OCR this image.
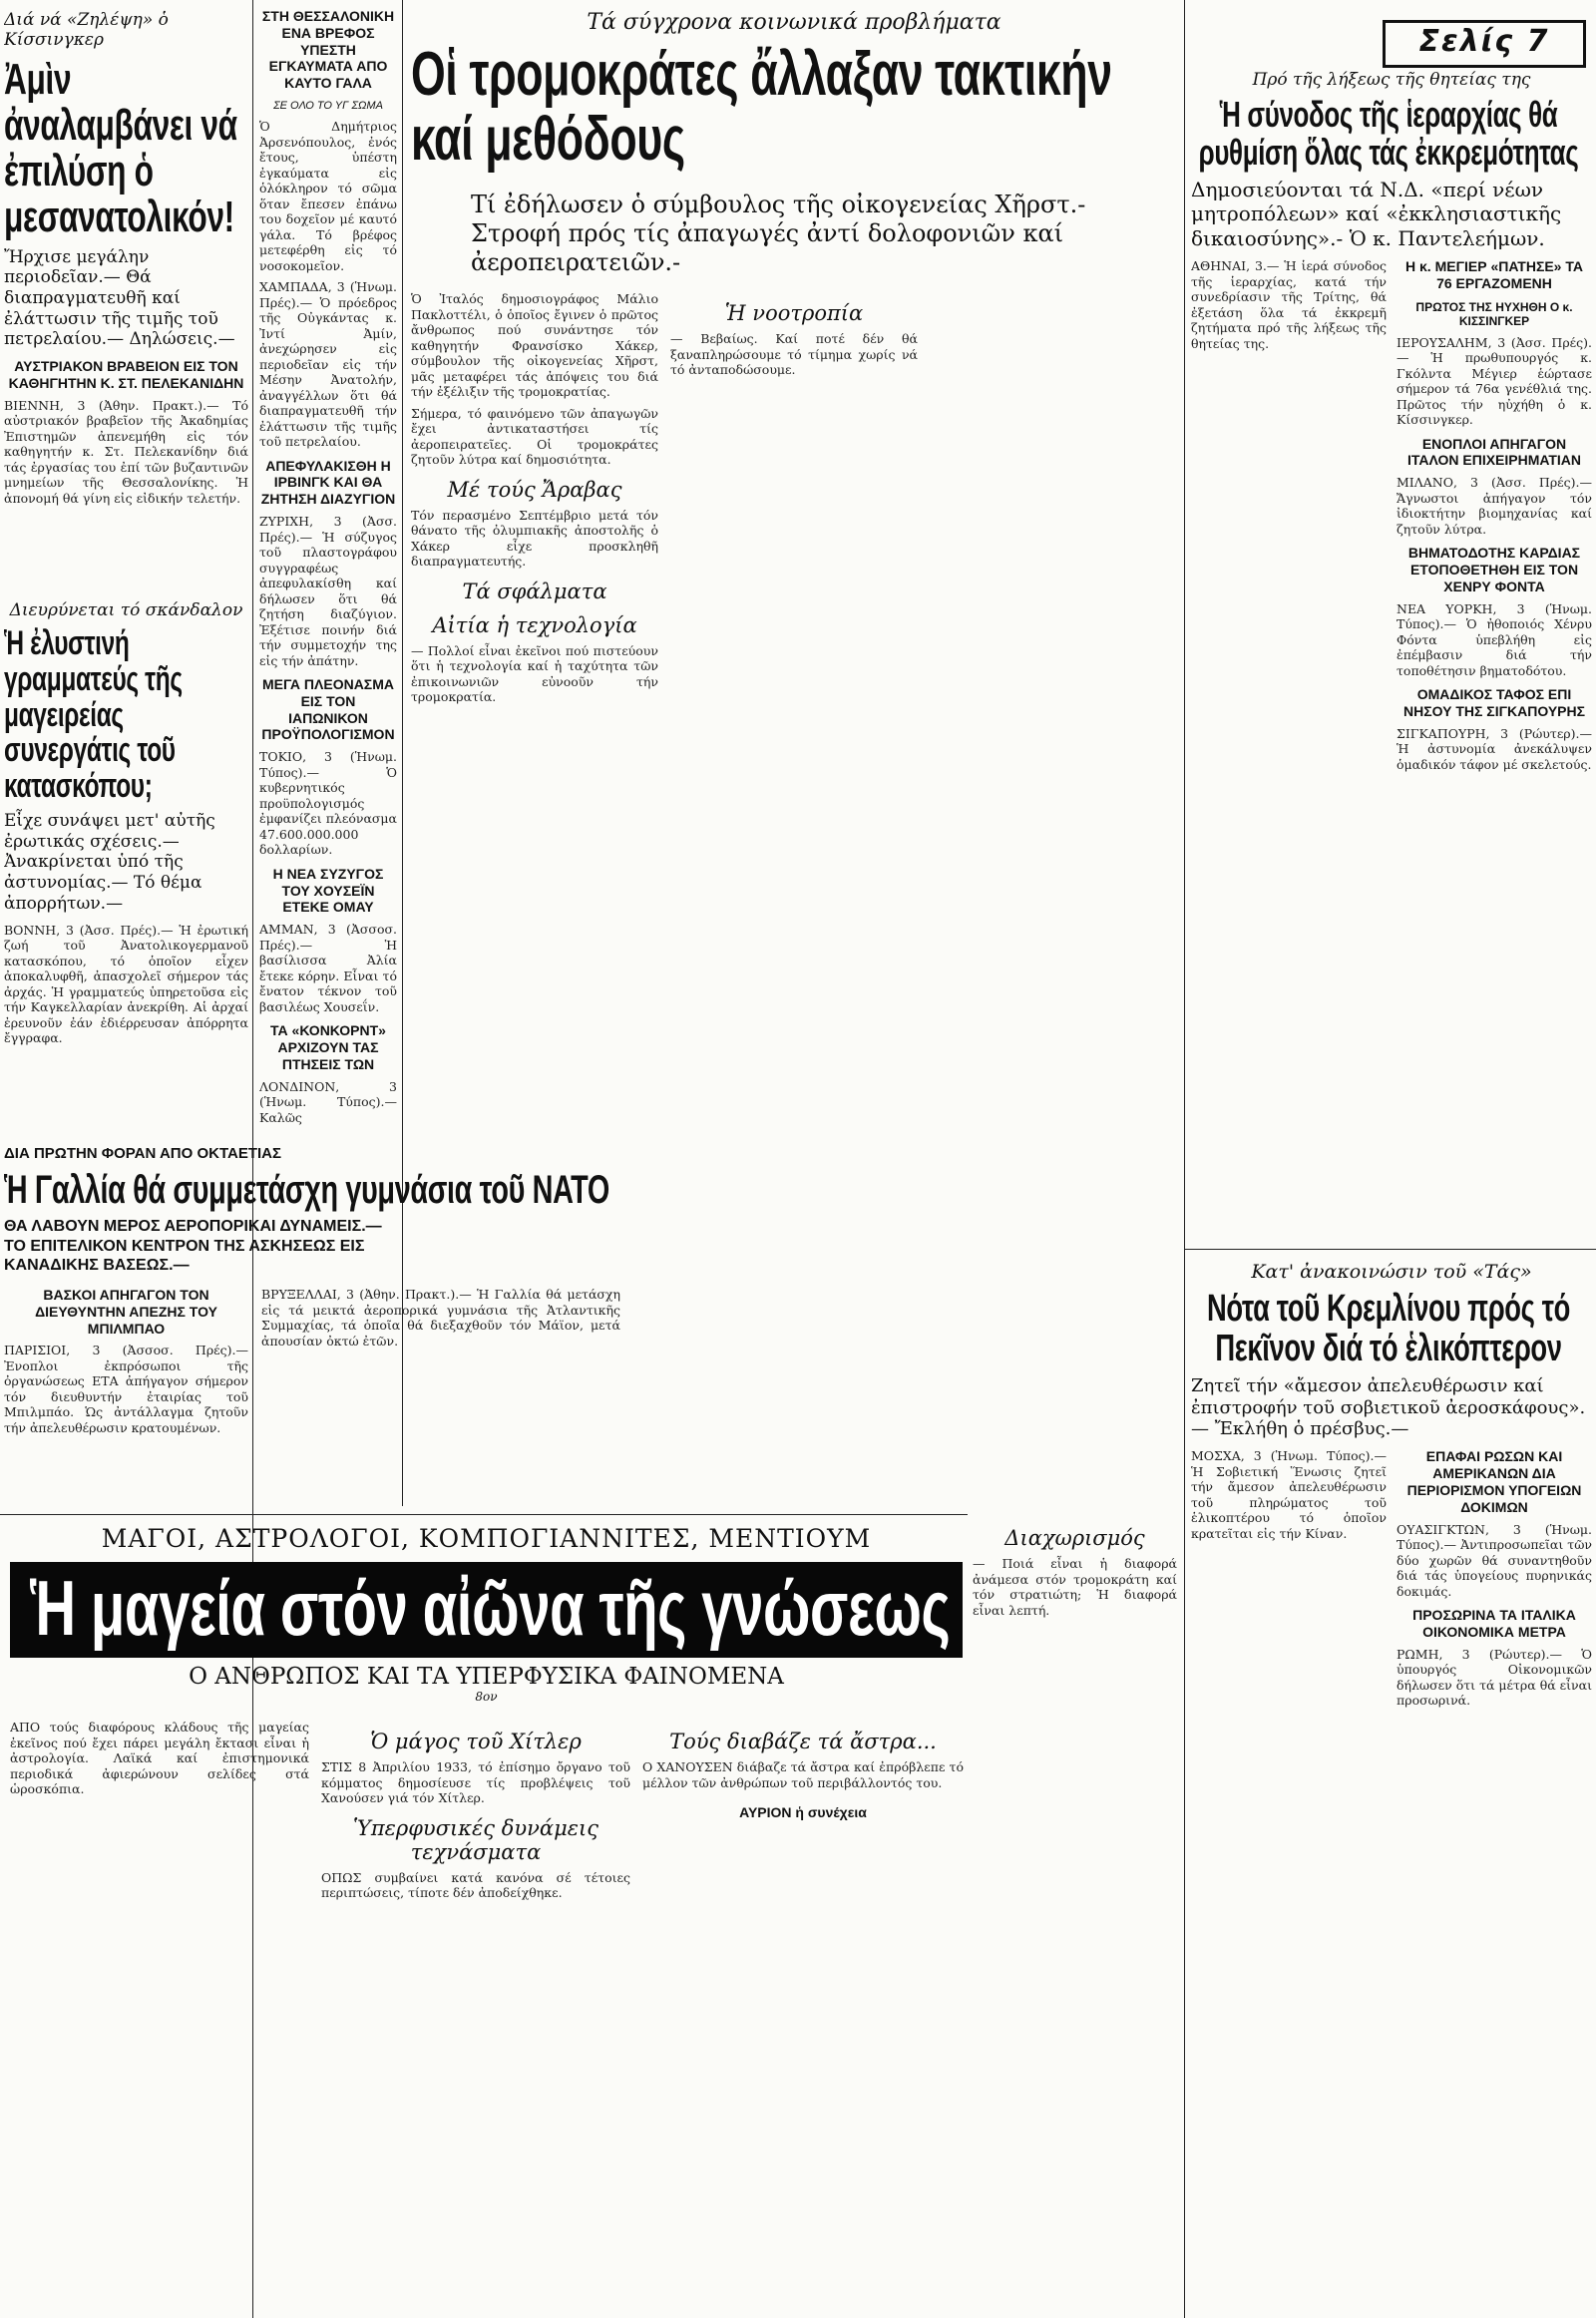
Διά νά «Ζηλέψη» ὁ Κίσσινγκερ
Ἀμὶν ἀναλαμβάνει νά ἐπιλύση ὁ μεσανατολικόν!
Ἤρχισε μεγάλην περιοδεῖαν.— Θά διαπραγματευθῆ καί ἐλάττωσιν τῆς τιμῆς τοῦ πετρελαίου.— Δηλώσεις.—
ΑΥΣΤΡΙΑΚΟΝ ΒΡΑΒΕΙΟΝ ΕΙΣ ΤΟΝ ΚΑΘΗΓΗΤΗΝ Κ. ΣΤ. ΠΕΛΕΚΑΝΙΔΗΝ
ΒΙΕΝΝΗ, 3 (Ἀθην. Πρακτ.).— Τό αὐστριακόν βραβεῖον τῆς Ἀκαδημίας Ἐπιστημῶν ἀπενεμήθη εἰς τόν καθηγητήν κ. Στ. Πελεκανίδην διά τάς ἐργασίας του ἐπί τῶν βυζαντινῶν μνημείων τῆς Θεσσαλονίκης. Ἡ ἀπονομή θά γίνη εἰς εἰδικήν τελετήν.
Διευρύνεται τό σκάνδαλον
Ἡ ἐλυστινή γραμματεύς τῆς μαγειρείας συνεργάτις τοῦ κατασκόπου;
Εἶχε συνάψει μετ' αὐτῆς ἐρωτικάς σχέσεις.— Ἀνακρίνεται ὑπό τῆς ἀστυνομίας.— Τό θέμα ἀπορρήτων.—
ΒΟΝΝΗ, 3 (Ἀσσ. Πρές).— Ἡ ἐρωτική ζωή τοῦ Ἀνατολικογερμανοῦ κατασκόπου, τό ὁποῖον εἶχεν ἀποκαλυφθῆ, ἀπασχολεῖ σήμερον τάς ἀρχάς. Ἡ γραμματεύς ὑπηρετοῦσα εἰς τήν Καγκελλαρίαν ἀνεκρίθη. Αἱ ἀρχαί ἐρευνοῦν ἐάν ἐδιέρρευσαν ἀπόρρητα ἔγγραφα.
ΔΙΑ ΠΡΩΤΗΝ ΦΟΡΑΝ ΑΠΟ ΟΚΤΑΕΤΙΑΣ
Ἡ Γαλλία θά συμμετάσχη γυμνάσια τοῦ ΝΑΤΟ
ΘΑ ΛΑΒΟΥΝ ΜΕΡΟΣ ΑΕΡΟΠΟΡΙΚΑΙ ΔΥΝΑΜΕΙΣ.— ΤΟ ΕΠΙΤΕΛΙΚΟΝ ΚΕΝΤΡΟΝ ΤΗΣ ΑΣΚΗΣΕΩΣ ΕΙΣ ΚΑΝΑΔΙΚΗΣ ΒΑΣΕΩΣ.—
ΒΑΣΚΟΙ ΑΠΗΓΑΓΟΝ ΤΟΝ ΔΙΕΥΘΥΝΤΗΝ ΑΠΕΖΗΣ ΤΟΥ ΜΠΙΛΜΠΑΟ
ΠΑΡΙΣΙΟΙ, 3 (Ἀσσοσ. Πρές).— Ἐνοπλοι ἐκπρόσωποι τῆς ὀργανώσεως ΕΤΑ ἀπήγαγον σήμερον τόν διευθυντήν ἐταιρίας τοῦ Μπιλμπάο. Ὡς ἀντάλλαγμα ζητοῦν τήν ἀπελευθέρωσιν κρατουμένων.
ΒΡΥΞΕΛΛΑΙ, 3 (Ἀθην. Πρακτ.).— Ἡ Γαλλία θά μετάσχη εἰς τά μεικτά ἀεροπορικά γυμνάσια τῆς Ἀτλαντικῆς Συμμαχίας, τά ὁποῖα θά διεξαχθοῦν τόν Μάϊον, μετά ἀπουσίαν ὀκτώ ἐτῶν.
ΣΤΗ ΘΕΣΣΑΛΟΝΙΚΗ ΕΝΑ ΒΡΕΦΟΣ ΥΠΕΣΤΗ ΕΓΚΑΥΜΑΤΑ ΑΠΟ ΚΑΥΤΟ ΓΑΛΑ
ΣΕ ΟΛΟ ΤΟ ΥΓ ΣΩΜΑ
Ὁ Δημήτριος Ἀρσενόπουλος, ἐνός ἔτους, ὑπέστη ἐγκαύματα εἰς ὁλόκληρον τό σῶμα ὅταν ἔπεσεν ἐπάνω του δοχεῖον μέ καυτό γάλα. Τό βρέφος μετεφέρθη εἰς τό νοσοκομεῖον.
ΧΑΜΠΑΔΑ, 3 (Ἡνωμ. Πρές).— Ὁ πρόεδρος τῆς Οὐγκάντας κ. Ἰντί Ἀμίν, ἀνεχώρησεν εἰς περιοδεῖαν εἰς τήν Μέσην Ἀνατολήν, ἀναγγέλλων ὅτι θά διαπραγματευθῆ τήν ἐλάττωσιν τῆς τιμῆς τοῦ πετρελαίου.
ΑΠΕΦΥΛΑΚΙΣΘΗ Η ΙΡΒΙΝΓΚ ΚΑΙ ΘΑ ΖΗΤΗΣΗ ΔΙΑΖΥΓΙΟΝ
ΖΥΡΙΧΗ, 3 (Ἀσσ. Πρές).— Ἡ σύζυγος τοῦ πλαστογράφου συγγραφέως ἀπεφυλακίσθη καί δήλωσεν ὅτι θά ζητήση διαζύγιον. Ἐξέτισε ποινήν διά τήν συμμετοχήν της εἰς τήν ἀπάτην.
ΜΕΓΑ ΠΛΕΟΝΑΣΜΑ ΕΙΣ ΤΟΝ ΙΑΠΩΝΙΚΟΝ ΠΡΟΫΠΟΛΟΓΙΣΜΟΝ
ΤΟΚΙΟ, 3 (Ἡνωμ. Τύπος).— Ὁ κυβερνητικός προϋπολογισμός ἐμφανίζει πλεόνασμα 47.600.000.000 δολλαρίων.
Η ΝΕΑ ΣΥΖΥΓΟΣ ΤΟΥ ΧΟΥΣΕΪΝ ΕΤΕΚΕ ΟΜΑΥ
ΑΜΜΑΝ, 3 (Ἀσσοσ. Πρές).— Ἡ βασίλισσα Ἀλία ἔτεκε κόρην. Εἶναι τό ἔνατον τέκνον τοῦ βασιλέως Χουσεΐν.
ΤΑ «ΚΟΝΚΟΡΝΤ» ΑΡΧΙΖΟΥΝ ΤΑΣ ΠΤΗΣΕΙΣ ΤΩΝ
ΛΟΝΔΙΝΟΝ, 3 (Ἡνωμ. Τύπος).— Καλῶς
Τά σύγχρονα κοινωνικά προβλήματα
Οἱ τρομοκράτες ἄλλαξαν τακτικήν καί μεθόδους
Τί ἐδήλωσεν ὁ σύμβουλος τῆς οἰκογενείας Χῆρστ.- Στροφή πρός τίς ἀπαγωγές ἀντί δολοφονιῶν καί ἀεροπειρατειῶν.-
Ὁ Ἰταλός δημοσιογράφος Μάλιο Πακλοττέλι, ὁ ὁποῖος ἔγινεν ὁ πρῶτος ἄνθρωπος πού συνάντησε τόν καθηγητήν Φρανσίσκο Χάκερ, σύμβουλον τῆς οἰκογενείας Χῆρστ, μᾶς μεταφέρει τάς ἀπόψεις του διά τήν ἐξέλιξιν τῆς τρομοκρατίας.
Σήμερα, τό φαινόμενο τῶν ἀπαγωγῶν ἔχει ἀντικαταστήσει τίς ἀεροπειρατεῖες. Οἱ τρομοκράτες ζητοῦν λύτρα καί δημοσιότητα.
Μέ τούς Ἄραβας
Τόν περασμένο Σεπτέμβριο μετά τόν θάνατο τῆς ὀλυμπιακῆς ἀποστολῆς ὁ Χάκερ εἶχε προσκληθῆ διαπραγματευτής.
Τά σφάλματα
Αἰτία ἡ τεχνολογία
— Πολλοί εἶναι ἐκεῖνοι πού πιστεύουν ὅτι ἡ τεχνολογία καί ἡ ταχύτητα τῶν ἐπικοινωνιῶν εὐνοοῦν τήν τρομοκρατία.
Ἡ νοοτροπία
— Βεβαίως. Καί ποτέ δέν θά ξαναπληρώσουμε τό τίμημα χωρίς νά τό ἀνταποδώσουμε.
Διαχωρισμός
— Ποιά εἶναι ἡ διαφορά ἀνάμεσα στόν τρομοκράτη καί τόν στρατιώτη; Ἡ διαφορά εἶναι λεπτή.
Σελίς 7
Πρό τῆς λήξεως τῆς θητείας της
Ἡ σύνοδος τῆς ἱεραρχίας θά ρυθμίση ὅλας τάς ἐκκρεμότητας
Δημοσιεύονται τά Ν.Δ. «περί νέων μητροπόλεων» καί «ἐκκλησιαστικῆς δικαιοσύνης».- Ὁ κ. Παντελεήμων.
ΑΘΗΝΑΙ, 3.— Ἡ ἱερά σύνοδος τῆς ἱεραρχίας, κατά τήν συνεδρίασιν τῆς Τρίτης, θά ἐξετάση ὅλα τά ἐκκρεμῆ ζητήματα πρό τῆς λήξεως τῆς θητείας της.
Η κ. ΜΕΓΙΕΡ «ΠΑΤΗΣΕ» ΤΑ 76 ΕΡΓΑΖΟΜΕΝΗ
ΠΡΩΤΟΣ ΤΗΣ ΗΥΧΗΘΗ Ο κ. ΚΙΣΣΙΝΓΚΕΡ
ΙΕΡΟΥΣΑΛΗΜ, 3 (Ἀσσ. Πρές).— Ἡ πρωθυπουργός κ. Γκόλντα Μέγιερ ἑώρτασε σήμερον τά 76α γενέθλιά της. Πρῶτος τήν ηὐχήθη ὁ κ. Κίσσινγκερ.
ΕΝΟΠΛΟΙ ΑΠΗΓΑΓΟΝ ΙΤΑΛΟΝ ΕΠΙΧΕΙΡΗΜΑΤΙΑΝ
ΜΙΛΑΝΟ, 3 (Ἀσσ. Πρές).— Ἄγνωστοι ἀπήγαγον τόν ἰδιοκτήτην βιομηχανίας καί ζητοῦν λύτρα.
ΒΗΜΑΤΟΔΟΤΗΣ ΚΑΡΔΙΑΣ ΕΤΟΠΟΘΕΤΗΘΗ ΕΙΣ ΤΟΝ ΧΕΝΡΥ ΦΟΝΤΑ
ΝΕΑ ΥΟΡΚΗ, 3 (Ἡνωμ. Τύπος).— Ὁ ἠθοποιός Χένρυ Φόντα ὑπεβλήθη εἰς ἐπέμβασιν διά τήν τοποθέτησιν βηματοδότου.
ΟΜΑΔΙΚΟΣ ΤΑΦΟΣ ΕΠΙ ΝΗΣΟΥ ΤΗΣ ΣΙΓΚΑΠΟΥΡΗΣ
ΣΙΓΚΑΠΟΥΡΗ, 3 (Ρώυτερ).— Ἡ ἀστυνομία ἀνεκάλυψεν ὁμαδικόν τάφον μέ σκελετούς.
Κατ' ἀνακοινώσιν τοῦ «Τάς»
Νότα τοῦ Κρεμλίνου πρός τό Πεκῖνον διά τό ἑλικόπτερον
Ζητεῖ τήν «ἄμεσον ἀπελευθέρωσιν καί ἐπιστροφήν τοῦ σοβιετικοῦ ἀεροσκάφους».— Ἔκλήθη ὁ πρέσβυς.—
ΜΟΣΧΑ, 3 (Ἡνωμ. Τύπος).— Ἡ Σοβιετική Ἕνωσις ζητεῖ τήν ἄμεσον ἀπελευθέρωσιν τοῦ πληρώματος τοῦ ἑλικοπτέρου τό ὁποῖον κρατεῖται εἰς τήν Κίναν.
ΕΠΑΦΑΙ ΡΩΣΩΝ ΚΑΙ ΑΜΕΡΙΚΑΝΩΝ ΔΙΑ ΠΕΡΙΟΡΙΣΜΟΝ ΥΠΟΓΕΙΩΝ ΔΟΚΙΜΩΝ
ΟΥΑΣΙΓΚΤΩΝ, 3 (Ἡνωμ. Τύπος).— Ἀντιπροσωπεῖαι τῶν δύο χωρῶν θά συναντηθοῦν διά τάς ὑπογείους πυρηνικάς δοκιμάς.
ΠΡΟΣΩΡΙΝΑ ΤΑ ΙΤΑΛΙΚΑ ΟΙΚΟΝΟΜΙΚΑ ΜΕΤΡΑ
ΡΩΜΗ, 3 (Ρώυτερ).— Ὁ ὑπουργός Οἰκονομικῶν δήλωσεν ὅτι τά μέτρα θά εἶναι προσωρινά.
ΜΑΓΟΙ, ΑΣΤΡΟΛΟΓΟΙ, ΚΟΜΠΟΓΙΑΝΝΙΤΕΣ, ΜΕΝΤΙΟΥΜ
Ἡ μαγεία στόν αἰῶνα τῆς γνώσεως
Ο ΑΝΘΡΩΠΟΣ ΚΑΙ ΤΑ ΥΠΕΡΦΥΣΙΚΑ ΦΑΙΝΟΜΕΝΑ
8ον
ΑΠΟ τούς διαφόρους κλάδους τῆς μαγείας ἐκεῖνος πού ἔχει πάρει μεγάλη ἔκτασι εἶναι ἡ ἀστρολογία. Λαϊκά καί ἐπιστημονικά περιοδικά ἀφιερώνουν σελίδες στά ὡροσκόπια.
Ὁ μάγος τοῦ Χίτλερ
ΣΤΙΣ 8 Ἀπριλίου 1933, τό ἐπίσημο ὄργανο τοῦ κόμματος δημοσίευσε τίς προβλέψεις τοῦ Χανούσεν γιά τόν Χίτλερ.
Ὑπερφυσικές δυνάμεις τεχνάσματα
ΟΠΩΣ συμβαίνει κατά κανόνα σέ τέτοιες περιπτώσεις, τίποτε δέν ἀποδείχθηκε.
Τούς διαβάζε τά ἄστρα...
Ο ΧΑΝΟΥΣΕΝ διάβαζε τά ἄστρα καί ἐπρόβλεπε τό μέλλον τῶν ἀνθρώπων τοῦ περιβάλλοντός του.
ΑΥΡΙΟΝ ἡ συνέχεια
